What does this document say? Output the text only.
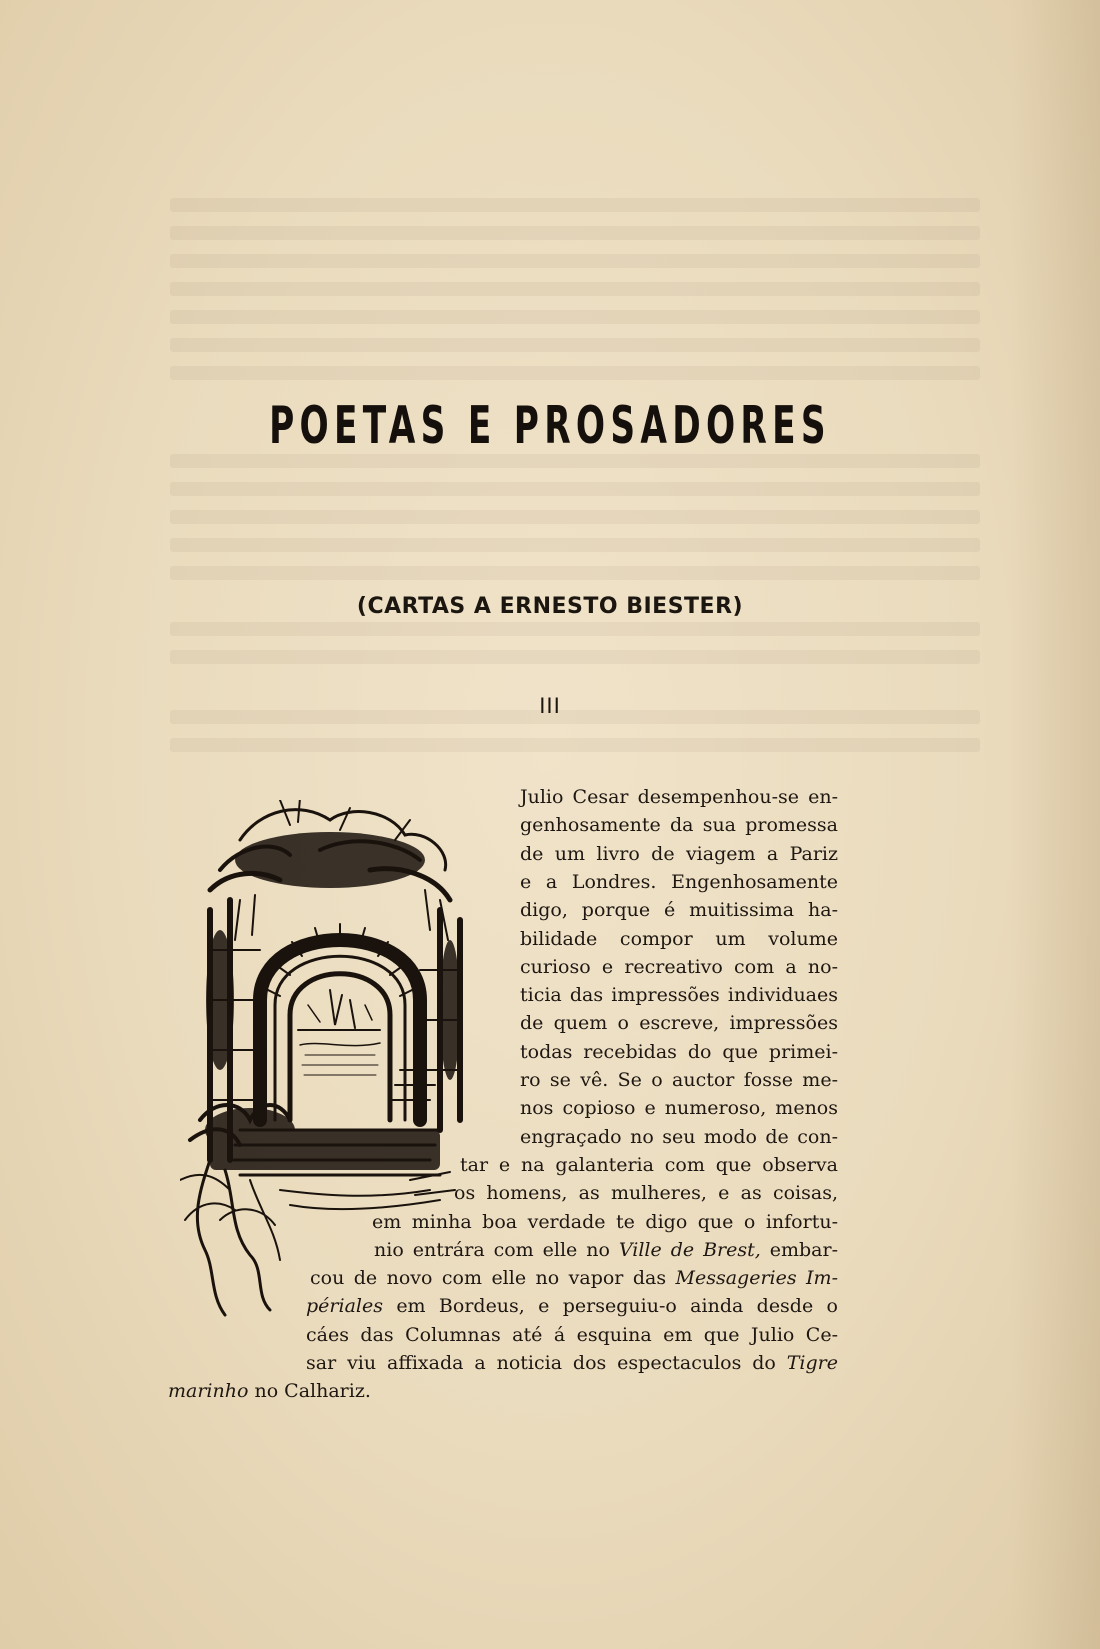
POETAS E PROSADORES
(CARTAS A ERNESTO BIESTER)
III
Julio Cesar desempenhou-se en-
genhosamente da sua promessa
de um livro de viagem a Pariz
e a Londres. Engenhosamente
digo, porque é muitissima ha-
bilidade compor um volume
curioso e recreativo com a no-
ticia das impressões individuaes
de quem o escreve, impressões
todas recebidas do que primei-
ro se vê. Se o auctor fosse me-
nos copioso e numeroso, menos
engraçado no seu modo de con-
tar e na galanteria com que observa
os homens, as mulheres, e as coisas,
em minha boa verdade te digo que o infortu-
nio entrára com elle no Ville de Brest, embar-
cou de novo com elle no vapor das Messageries Im-
périales em Bordeus, e perseguiu-o ainda desde o
cáes das Columnas até á esquina em que Julio Ce-
sar viu affixada a noticia dos espectaculos do Tigre
marinho no Calhariz.
